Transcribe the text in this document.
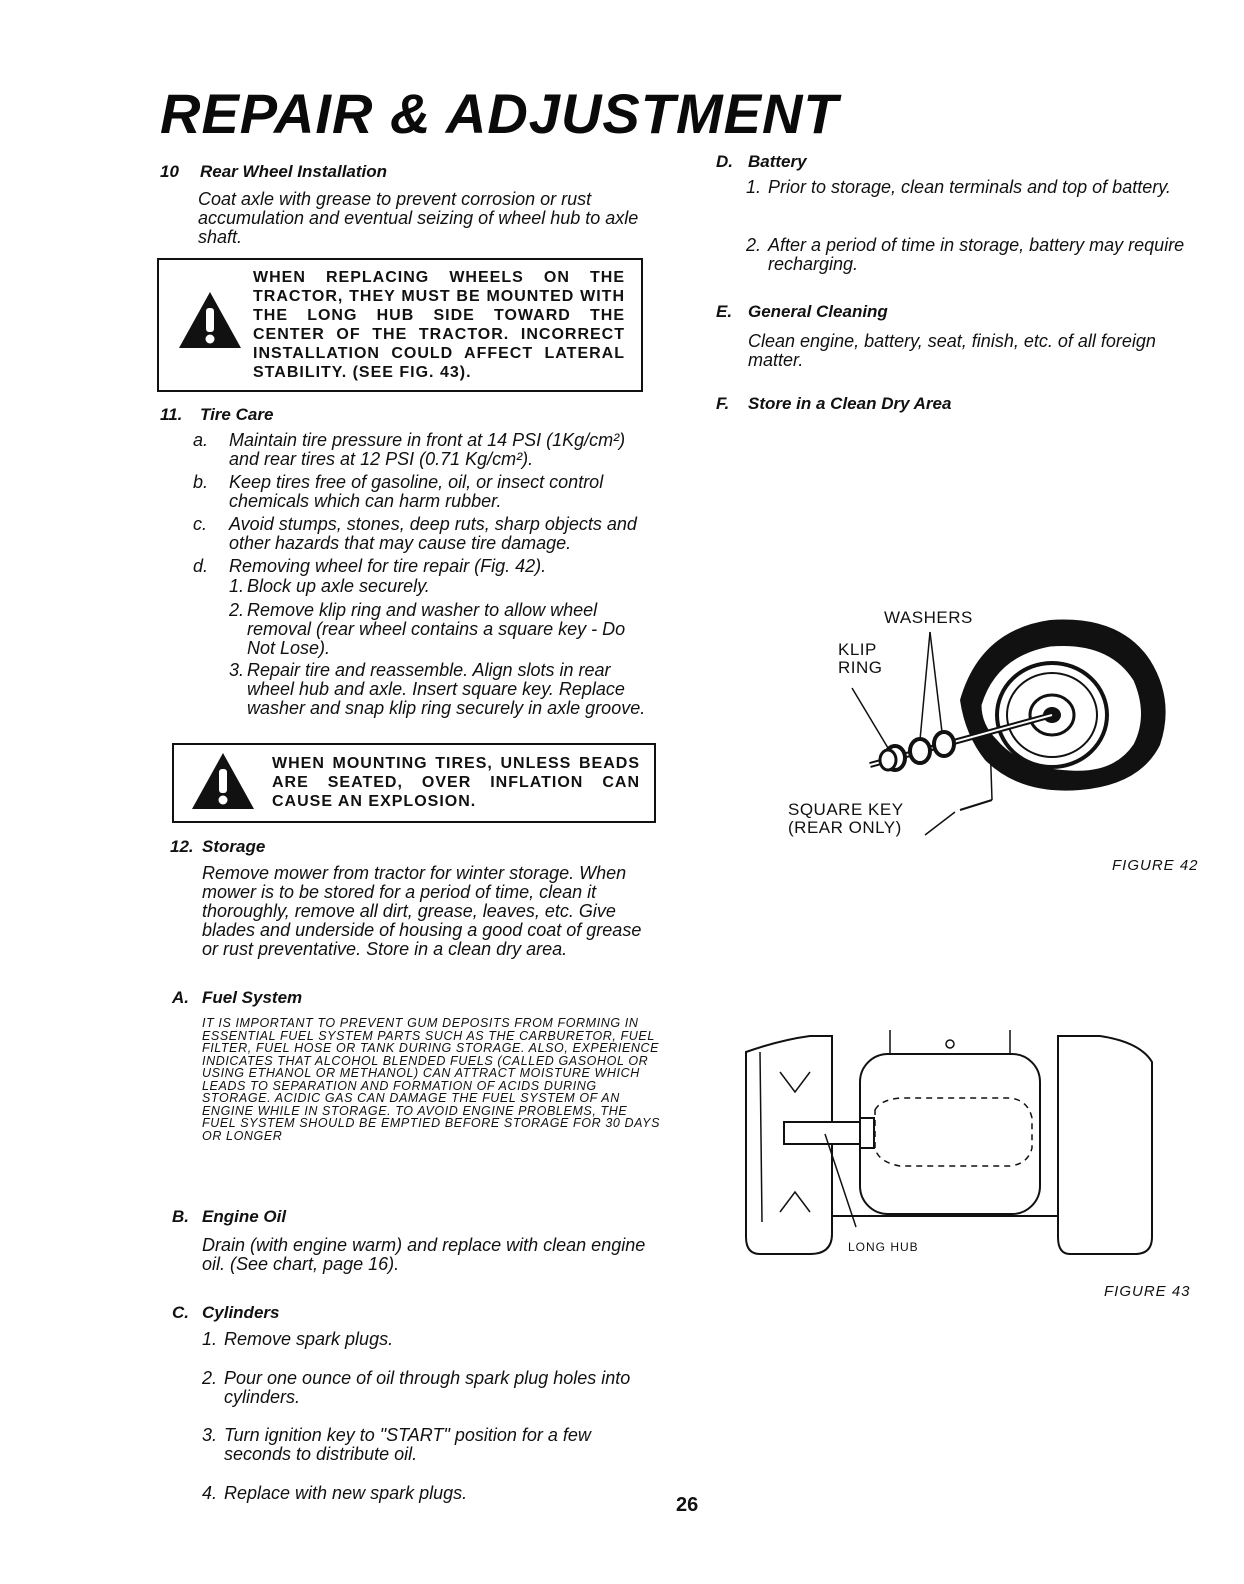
REPAIR & ADJUSTMENT
10 Rear Wheel Installation
Coat axle with grease to prevent corrosion or rust accumulation and eventual seizing of wheel hub to axle shaft.
WHEN REPLACING WHEELS ON THE TRACTOR, THEY MUST BE MOUNTED WITH THE LONG HUB SIDE TOWARD THE CENTER OF THE TRACTOR. INCORRECT INSTALLATION COULD AFFECT LATERAL STABILITY. (SEE FIG. 43).
11. Tire Care
a.	Maintain tire pressure in front at 14 PSI (1Kg/cm²) and rear tires at 12 PSI (0.71 Kg/cm²).
b.	Keep tires free of gasoline, oil, or insect control chemicals which can harm rubber.
c.	Avoid stumps, stones, deep ruts, sharp objects and other hazards that may cause tire damage.
d.	Removing wheel for tire repair (Fig. 42).
1. Block up axle securely.
2. Remove klip ring and washer to allow wheel removal (rear wheel contains a square key - Do Not Lose).
3. Repair tire and reassemble. Align slots in rear wheel hub and axle. Insert square key. Replace washer and snap klip ring securely in axle groove.
WHEN MOUNTING TIRES, UNLESS BEADS ARE SEATED, OVER INFLATION CAN CAUSE AN EXPLOSION.
12. Storage
Remove mower from tractor for winter storage. When mower is to be stored for a period of time, clean it thoroughly, remove all dirt, grease, leaves, etc. Give blades and underside of housing a good coat of grease or rust preventative. Store in a clean dry area.
A. Fuel System
IT IS IMPORTANT TO PREVENT GUM DEPOSITS FROM FORMING IN ESSENTIAL FUEL SYSTEM PARTS SUCH AS THE CARBURETOR, FUEL FILTER, FUEL HOSE OR TANK DURING STORAGE. ALSO, EXPERIENCE INDICATES THAT ALCOHOL BLENDED FUELS (CALLED GASOHOL OR USING ETHANOL OR METHANOL) CAN ATTRACT MOISTURE WHICH LEADS TO SEPARATION AND FORMATION OF ACIDS DURING STORAGE. ACIDIC GAS CAN DAMAGE THE FUEL SYSTEM OF AN ENGINE WHILE IN STORAGE. TO AVOID ENGINE PROBLEMS, THE FUEL SYSTEM SHOULD BE EMPTIED BEFORE STORAGE FOR 30 DAYS OR LONGER
B. Engine Oil
Drain (with engine warm) and replace with clean engine oil. (See chart, page 16).
C. Cylinders
1. Remove spark plugs.
2. Pour one ounce of oil through spark plug holes into cylinders.
3. Turn ignition key to "START" position for a few seconds to distribute oil.
4. Replace with new spark plugs.
26
D. Battery
1. Prior to storage, clean terminals and top of battery.
2. After a period of time in storage, battery may require recharging.
E. General Cleaning
Clean engine, battery, seat, finish, etc. of all foreign matter.
F. Store in a Clean Dry Area
WASHERS
KLIP
RING
SQUARE KEY
(REAR ONLY)
FIGURE 42
LONG HUB
FIGURE 43
